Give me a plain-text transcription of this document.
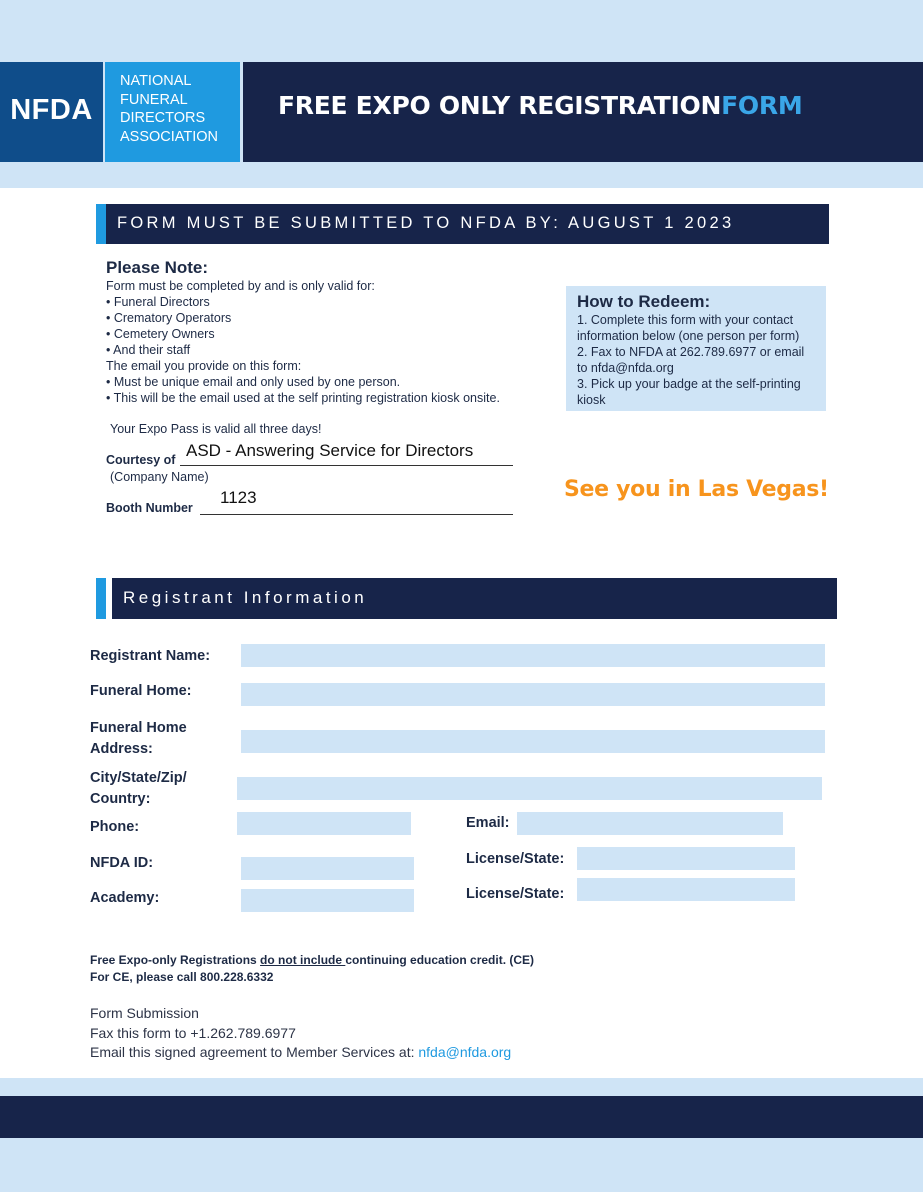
NFDA
NATIONAL
FUNERAL
DIRECTORS
ASSOCIATION
FREE EXPO ONLY REGISTRATIONFORM
FORM MUST BE SUBMITTED TO NFDA BY: AUGUST 1 2023
Please Note:
Form must be completed by and is only valid for:
• Funeral Directors
• Crematory Operators
• Cemetery Owners
• And their staff
The email you provide on this form:
• Must be unique email and only used by one person.
• This will be the email used at the self printing registration kiosk onsite.
Your Expo Pass is valid all three days!
Courtesy of ASD - Answering Service for Directors
(Company Name)
Booth Number
1123
How to Redeem:
1. Complete this form with your contact
information below (one person per form)
2. Fax to NFDA at 262.789.6977 or email
to nfda@nfda.org
3. Pick up your badge at the self-printing
kiosk
See you in Las Vegas!
Registrant Information
Registrant Name:
Funeral Home:
Funeral Home
Address:
City/State/Zip/
Country:
Phone:	Email:
NFDA ID:	License/State:
Academy:	License/State:
Free Expo-only Registrations do not include continuing education credit. (CE)
For CE, please call 800.228.6332
Form Submission
Fax this form to +1.262.789.6977
Email this signed agreement to Member Services at: nfda@nfda.org
